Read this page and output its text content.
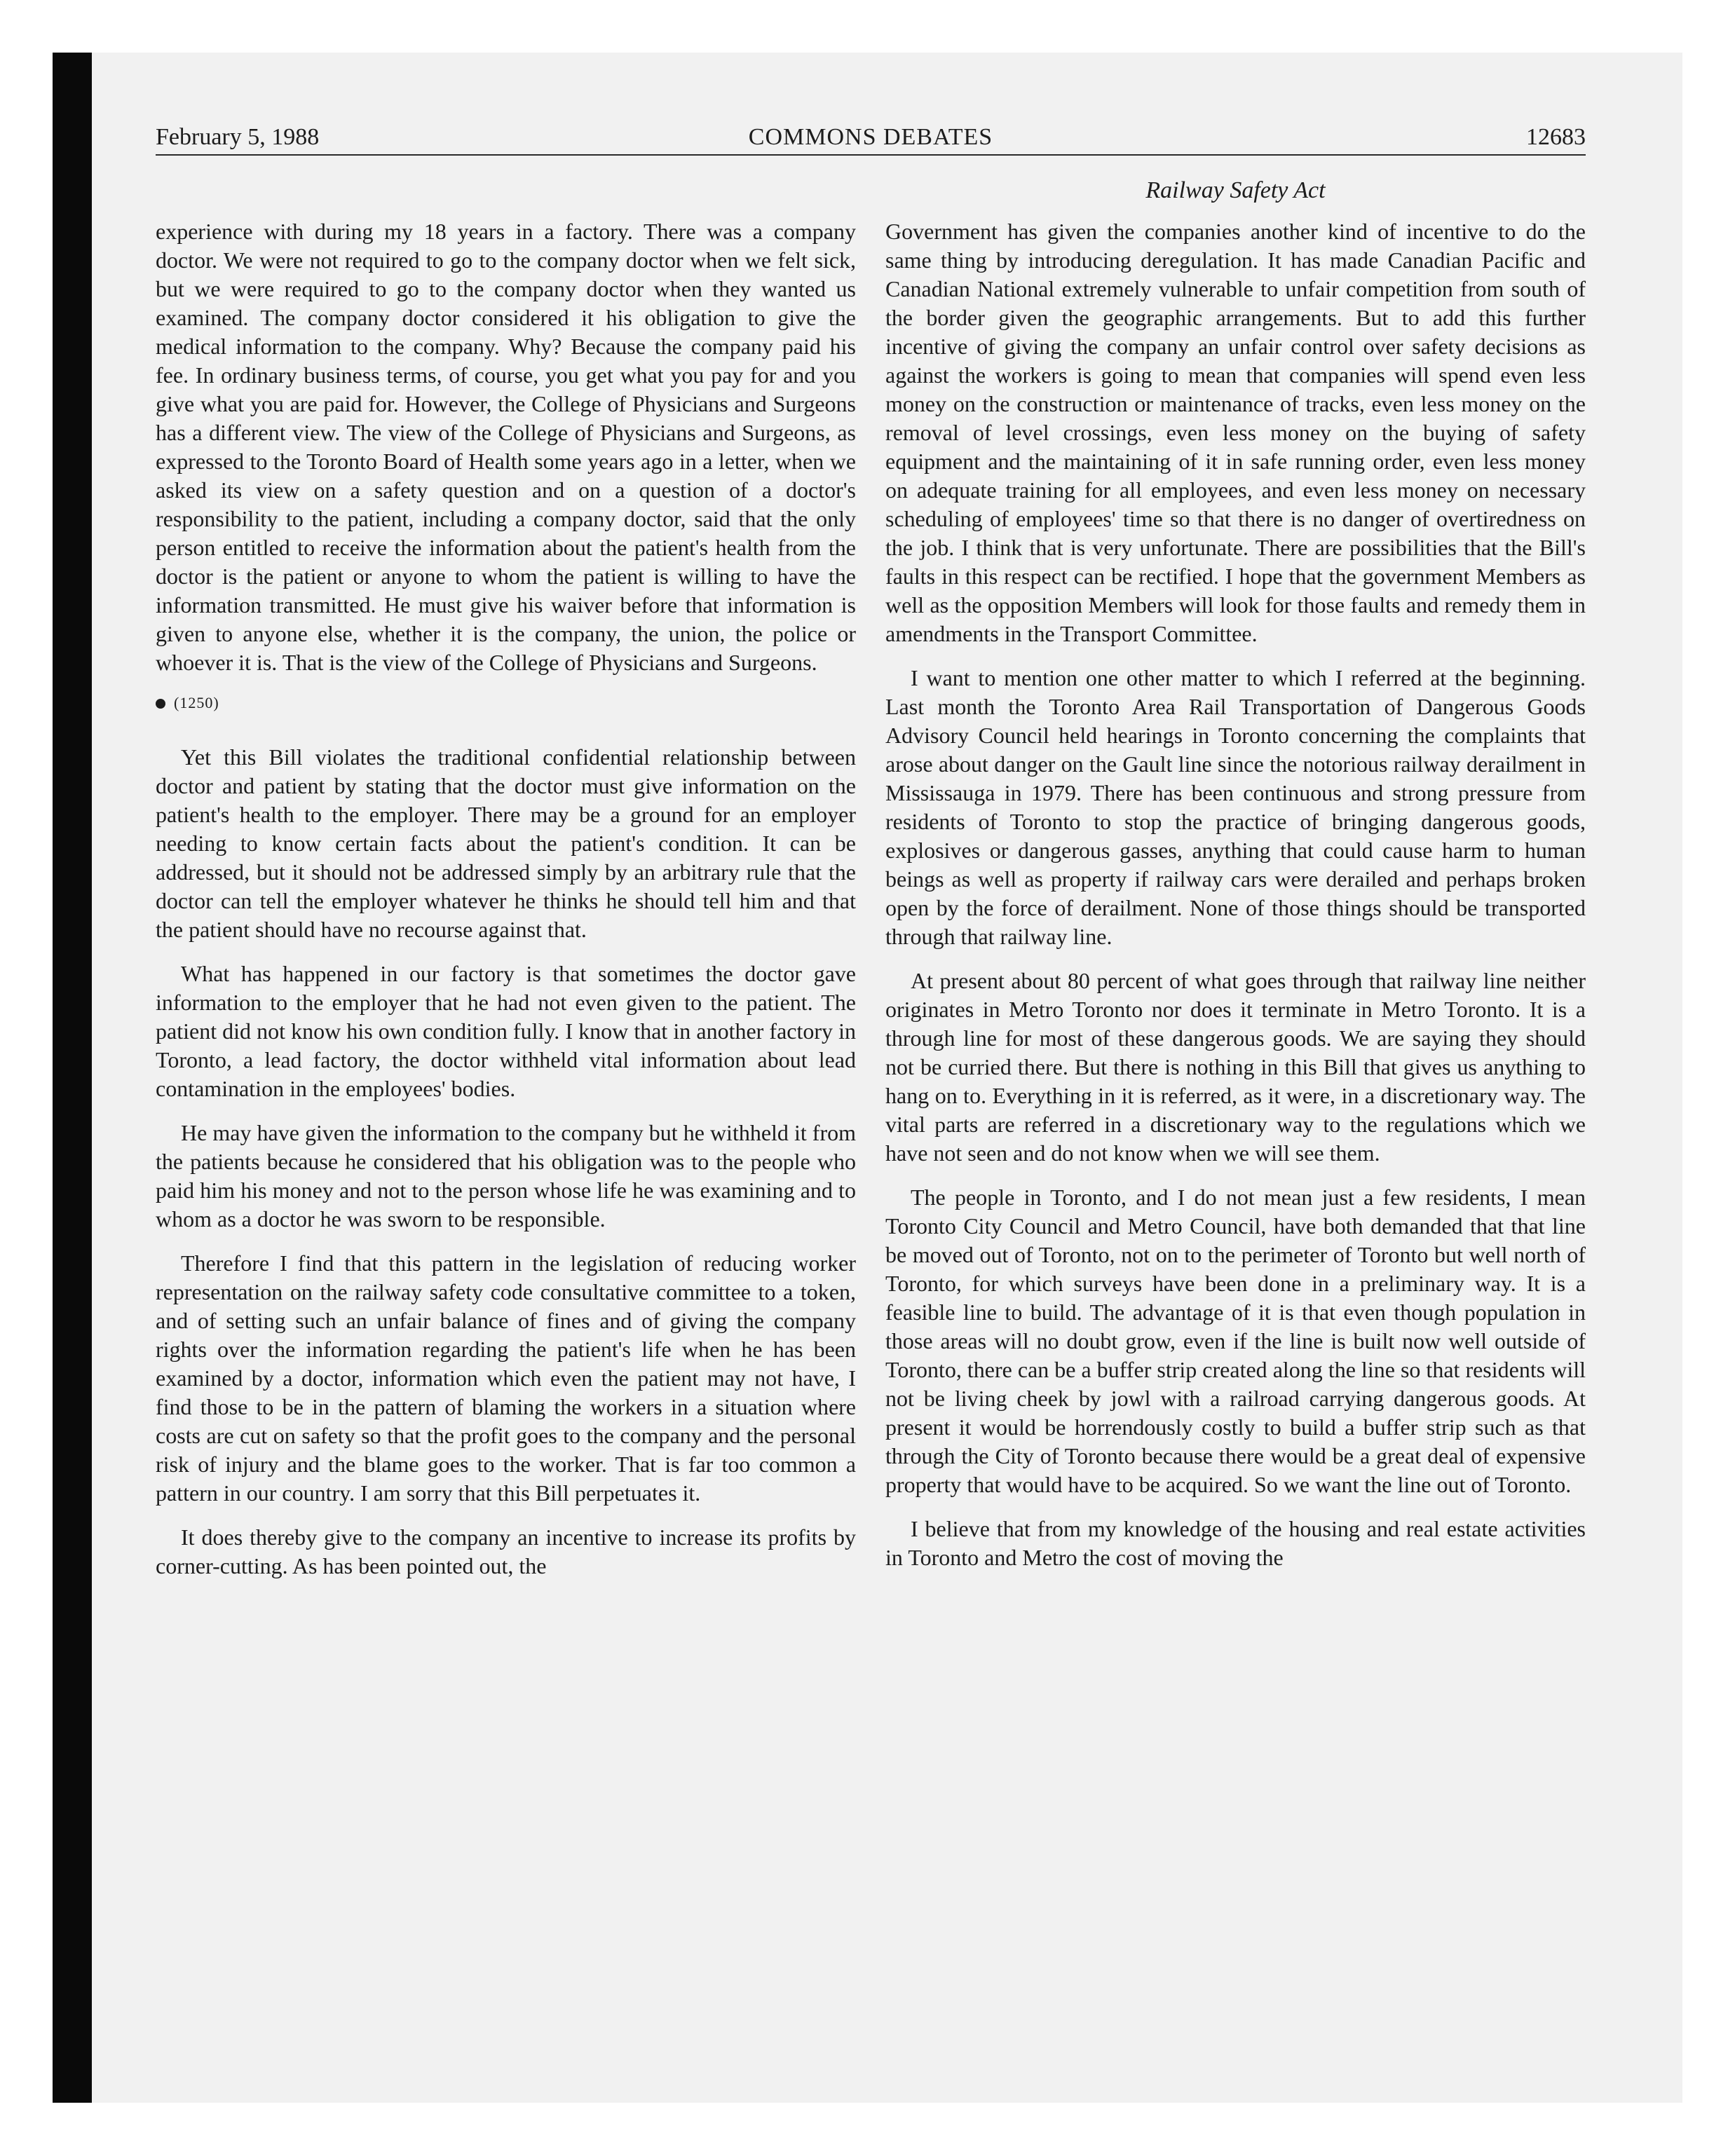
February 5, 1988	COMMONS DEBATES	12683
Railway Safety Act

experience with during my 18 years in a factory. There was a company doctor. We were not required to go to the company doctor when we felt sick, but we were required to go to the company doctor when they wanted us examined. The company doctor considered it his obligation to give the medical information to the company. Why? Because the company paid his fee. In ordinary business terms, of course, you get what you pay for and you give what you are paid for. However, the College of Physicians and Surgeons has a different view. The view of the College of Physicians and Surgeons, as expressed to the Toronto Board of Health some years ago in a letter, when we asked its view on a safety question and on a question of a doctor's responsibility to the patient, including a company doctor, said that the only person entitled to receive the information about the patient's health from the doctor is the patient or anyone to whom the patient is willing to have the information transmitted. He must give his waiver before that information is given to anyone else, whether it is the company, the union, the police or whoever it is. That is the view of the College of Physicians and Surgeons.

(1250)

Yet this Bill violates the traditional confidential relationship between doctor and patient by stating that the doctor must give information on the patient's health to the employer. There may be a ground for an employer needing to know certain facts about the patient's condition. It can be addressed, but it should not be addressed simply by an arbitrary rule that the doctor can tell the employer whatever he thinks he should tell him and that the patient should have no recourse against that.

What has happened in our factory is that sometimes the doctor gave information to the employer that he had not even given to the patient. The patient did not know his own condition fully. I know that in another factory in Toronto, a lead factory, the doctor withheld vital information about lead contamination in the employees' bodies.

He may have given the information to the company but he withheld it from the patients because he considered that his obligation was to the people who paid him his money and not to the person whose life he was examining and to whom as a doctor he was sworn to be responsible.

Therefore I find that this pattern in the legislation of reducing worker representation on the railway safety code consultative committee to a token, and of setting such an unfair balance of fines and of giving the company rights over the information regarding the patient's life when he has been examined by a doctor, information which even the patient may not have, I find those to be in the pattern of blaming the workers in a situation where costs are cut on safety so that the profit goes to the company and the personal risk of injury and the blame goes to the worker. That is far too common a pattern in our country. I am sorry that this Bill perpetuates it.

It does thereby give to the company an incentive to increase its profits by corner-cutting. As has been pointed out, the

Government has given the companies another kind of incentive to do the same thing by introducing deregulation. It has made Canadian Pacific and Canadian National extremely vulnerable to unfair competition from south of the border given the geographic arrangements. But to add this further incentive of giving the company an unfair control over safety decisions as against the workers is going to mean that companies will spend even less money on the construction or maintenance of tracks, even less money on the removal of level crossings, even less money on the buying of safety equipment and the maintaining of it in safe running order, even less money on adequate training for all employees, and even less money on necessary scheduling of employees' time so that there is no danger of overtiredness on the job. I think that is very unfortunate. There are possibilities that the Bill's faults in this respect can be rectified. I hope that the government Members as well as the opposition Members will look for those faults and remedy them in amendments in the Transport Committee.

I want to mention one other matter to which I referred at the beginning. Last month the Toronto Area Rail Transportation of Dangerous Goods Advisory Council held hearings in Toronto concerning the complaints that arose about danger on the Gault line since the notorious railway derailment in Mississauga in 1979. There has been continuous and strong pressure from residents of Toronto to stop the practice of bringing dangerous goods, explosives or dangerous gasses, anything that could cause harm to human beings as well as property if railway cars were derailed and perhaps broken open by the force of derailment. None of those things should be transported through that railway line.

At present about 80 percent of what goes through that railway line neither originates in Metro Toronto nor does it terminate in Metro Toronto. It is a through line for most of these dangerous goods. We are saying they should not be curried there. But there is nothing in this Bill that gives us anything to hang on to. Everything in it is referred, as it were, in a discretionary way. The vital parts are referred in a discretionary way to the regulations which we have not seen and do not know when we will see them.

The people in Toronto, and I do not mean just a few residents, I mean Toronto City Council and Metro Council, have both demanded that that line be moved out of Toronto, not on to the perimeter of Toronto but well north of Toronto, for which surveys have been done in a preliminary way. It is a feasible line to build. The advantage of it is that even though population in those areas will no doubt grow, even if the line is built now well outside of Toronto, there can be a buffer strip created along the line so that residents will not be living cheek by jowl with a railroad carrying dangerous goods. At present it would be horrendously costly to build a buffer strip such as that through the City of Toronto because there would be a great deal of expensive property that would have to be acquired. So we want the line out of Toronto.

I believe that from my knowledge of the housing and real estate activities in Toronto and Metro the cost of moving the
